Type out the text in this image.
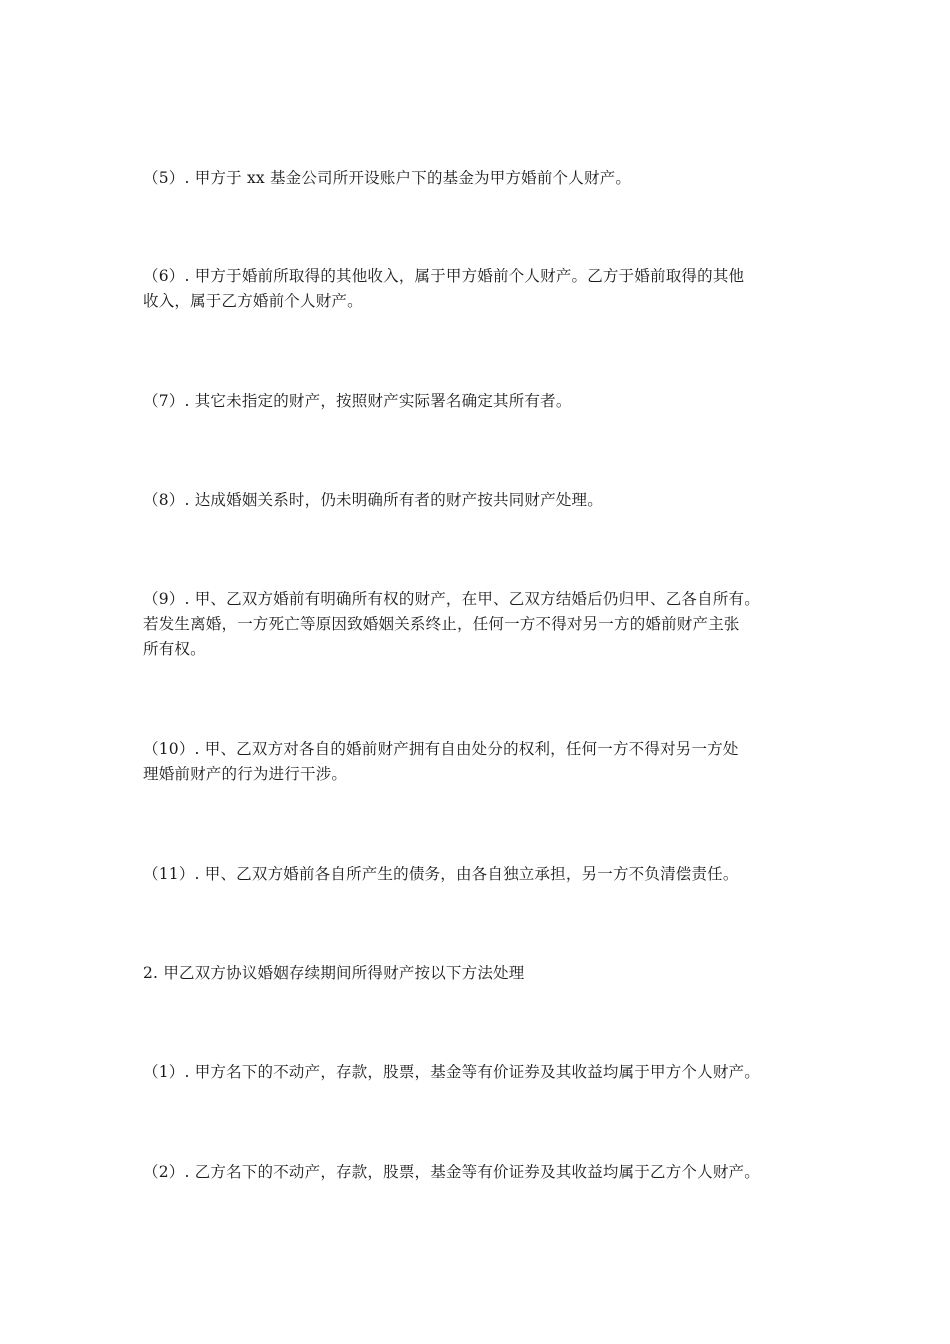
（5）. 甲方于 xx 基金公司所开设账户下的基金为甲方婚前个人财产。

（6）. 甲方于婚前所取得的其他收入，属于甲方婚前个人财产。乙方于婚前取得的其他
收入，属于乙方婚前个人财产。

（7）. 其它未指定的财产，按照财产实际署名确定其所有者。

（8）. 达成婚姻关系时，仍未明确所有者的财产按共同财产处理。

（9）. 甲、乙双方婚前有明确所有权的财产，在甲、乙双方结婚后仍归甲、乙各自所有。
若发生离婚，一方死亡等原因致婚姻关系终止，任何一方不得对另一方的婚前财产主张
所有权。

（10）. 甲、乙双方对各自的婚前财产拥有自由处分的权利，任何一方不得对另一方处
理婚前财产的行为进行干涉。

（11）. 甲、乙双方婚前各自所产生的债务，由各自独立承担，另一方不负清偿责任。

2. 甲乙双方协议婚姻存续期间所得财产按以下方法处理

（1）. 甲方名下的不动产，存款，股票，基金等有价证券及其收益均属于甲方个人财产。

（2）. 乙方名下的不动产，存款，股票，基金等有价证券及其收益均属于乙方个人财产。
